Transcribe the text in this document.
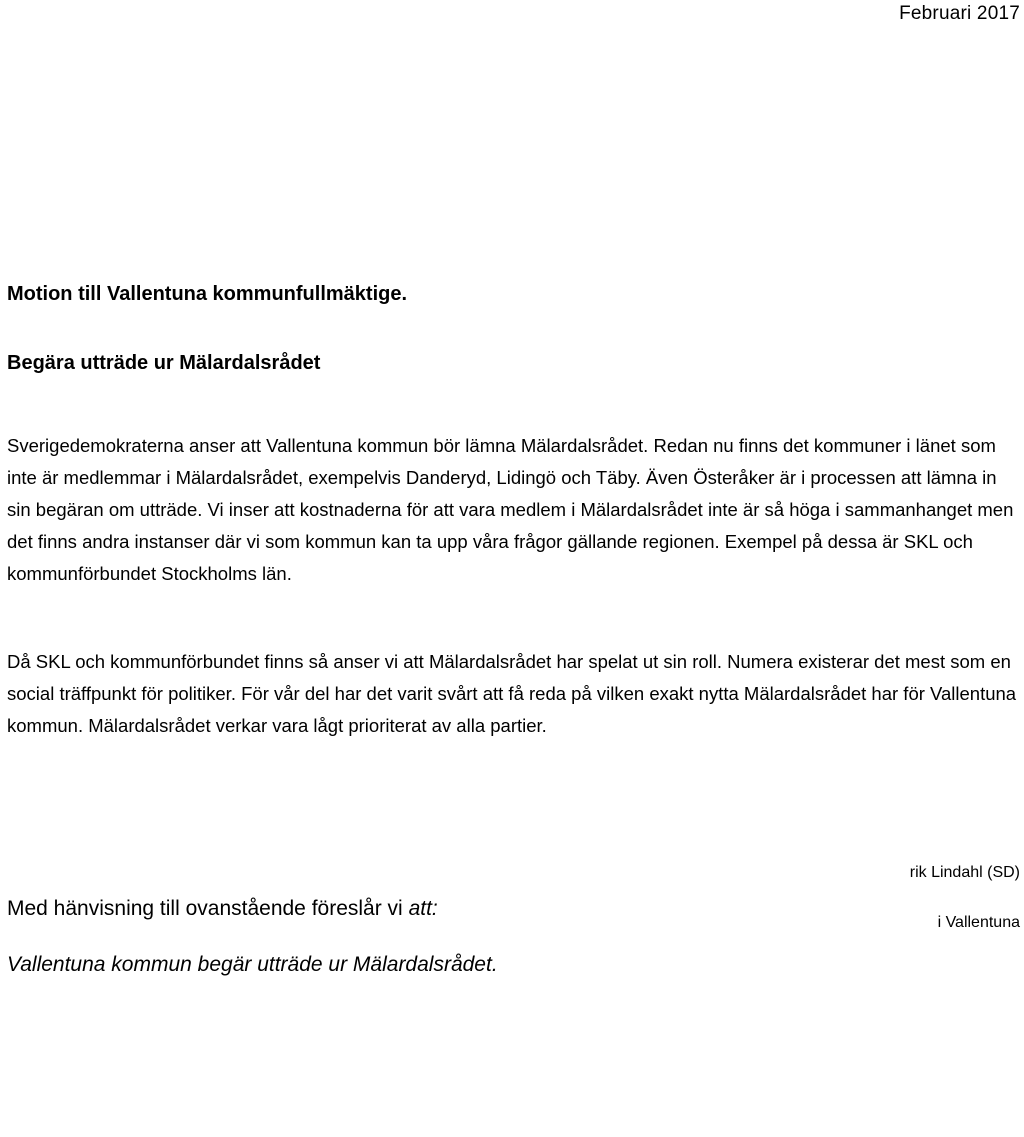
Februari 2017
Motion till Vallentuna kommunfullmäktige.
Begära utträde ur Mälardalsrådet

Sverigedemokraterna anser att Vallentuna kommun bör lämna Mälardalsrådet. Redan nu finns det kommuner i länet som inte är medlemmar i Mälardalsrådet, exempelvis Danderyd, Lidingö och Täby. Även Österåker är i processen att lämna in sin begäran om utträde. Vi inser att kostnaderna för att vara medlem i Mälardalsrådet inte är så höga i sammanhanget men det finns andra instanser där vi som kommun kan ta upp våra frågor gällande regionen. Exempel på dessa är SKL och kommunförbundet Stockholms län.

Då SKL och kommunförbundet finns så anser vi att Mälardalsrådet har spelat ut sin roll. Numera existerar det mest som en social träffpunkt för politiker. För vår del har det varit svårt att få reda på vilken exakt nytta Mälardalsrådet har för Vallentuna kommun. Mälardalsrådet verkar vara lågt prioriterat av alla partier.

Med hänvisning till ovanstående föreslår vi att:

Vallentuna kommun begär utträde ur Mälardalsrådet.

rik Lindahl (SD)
i Vallentuna
